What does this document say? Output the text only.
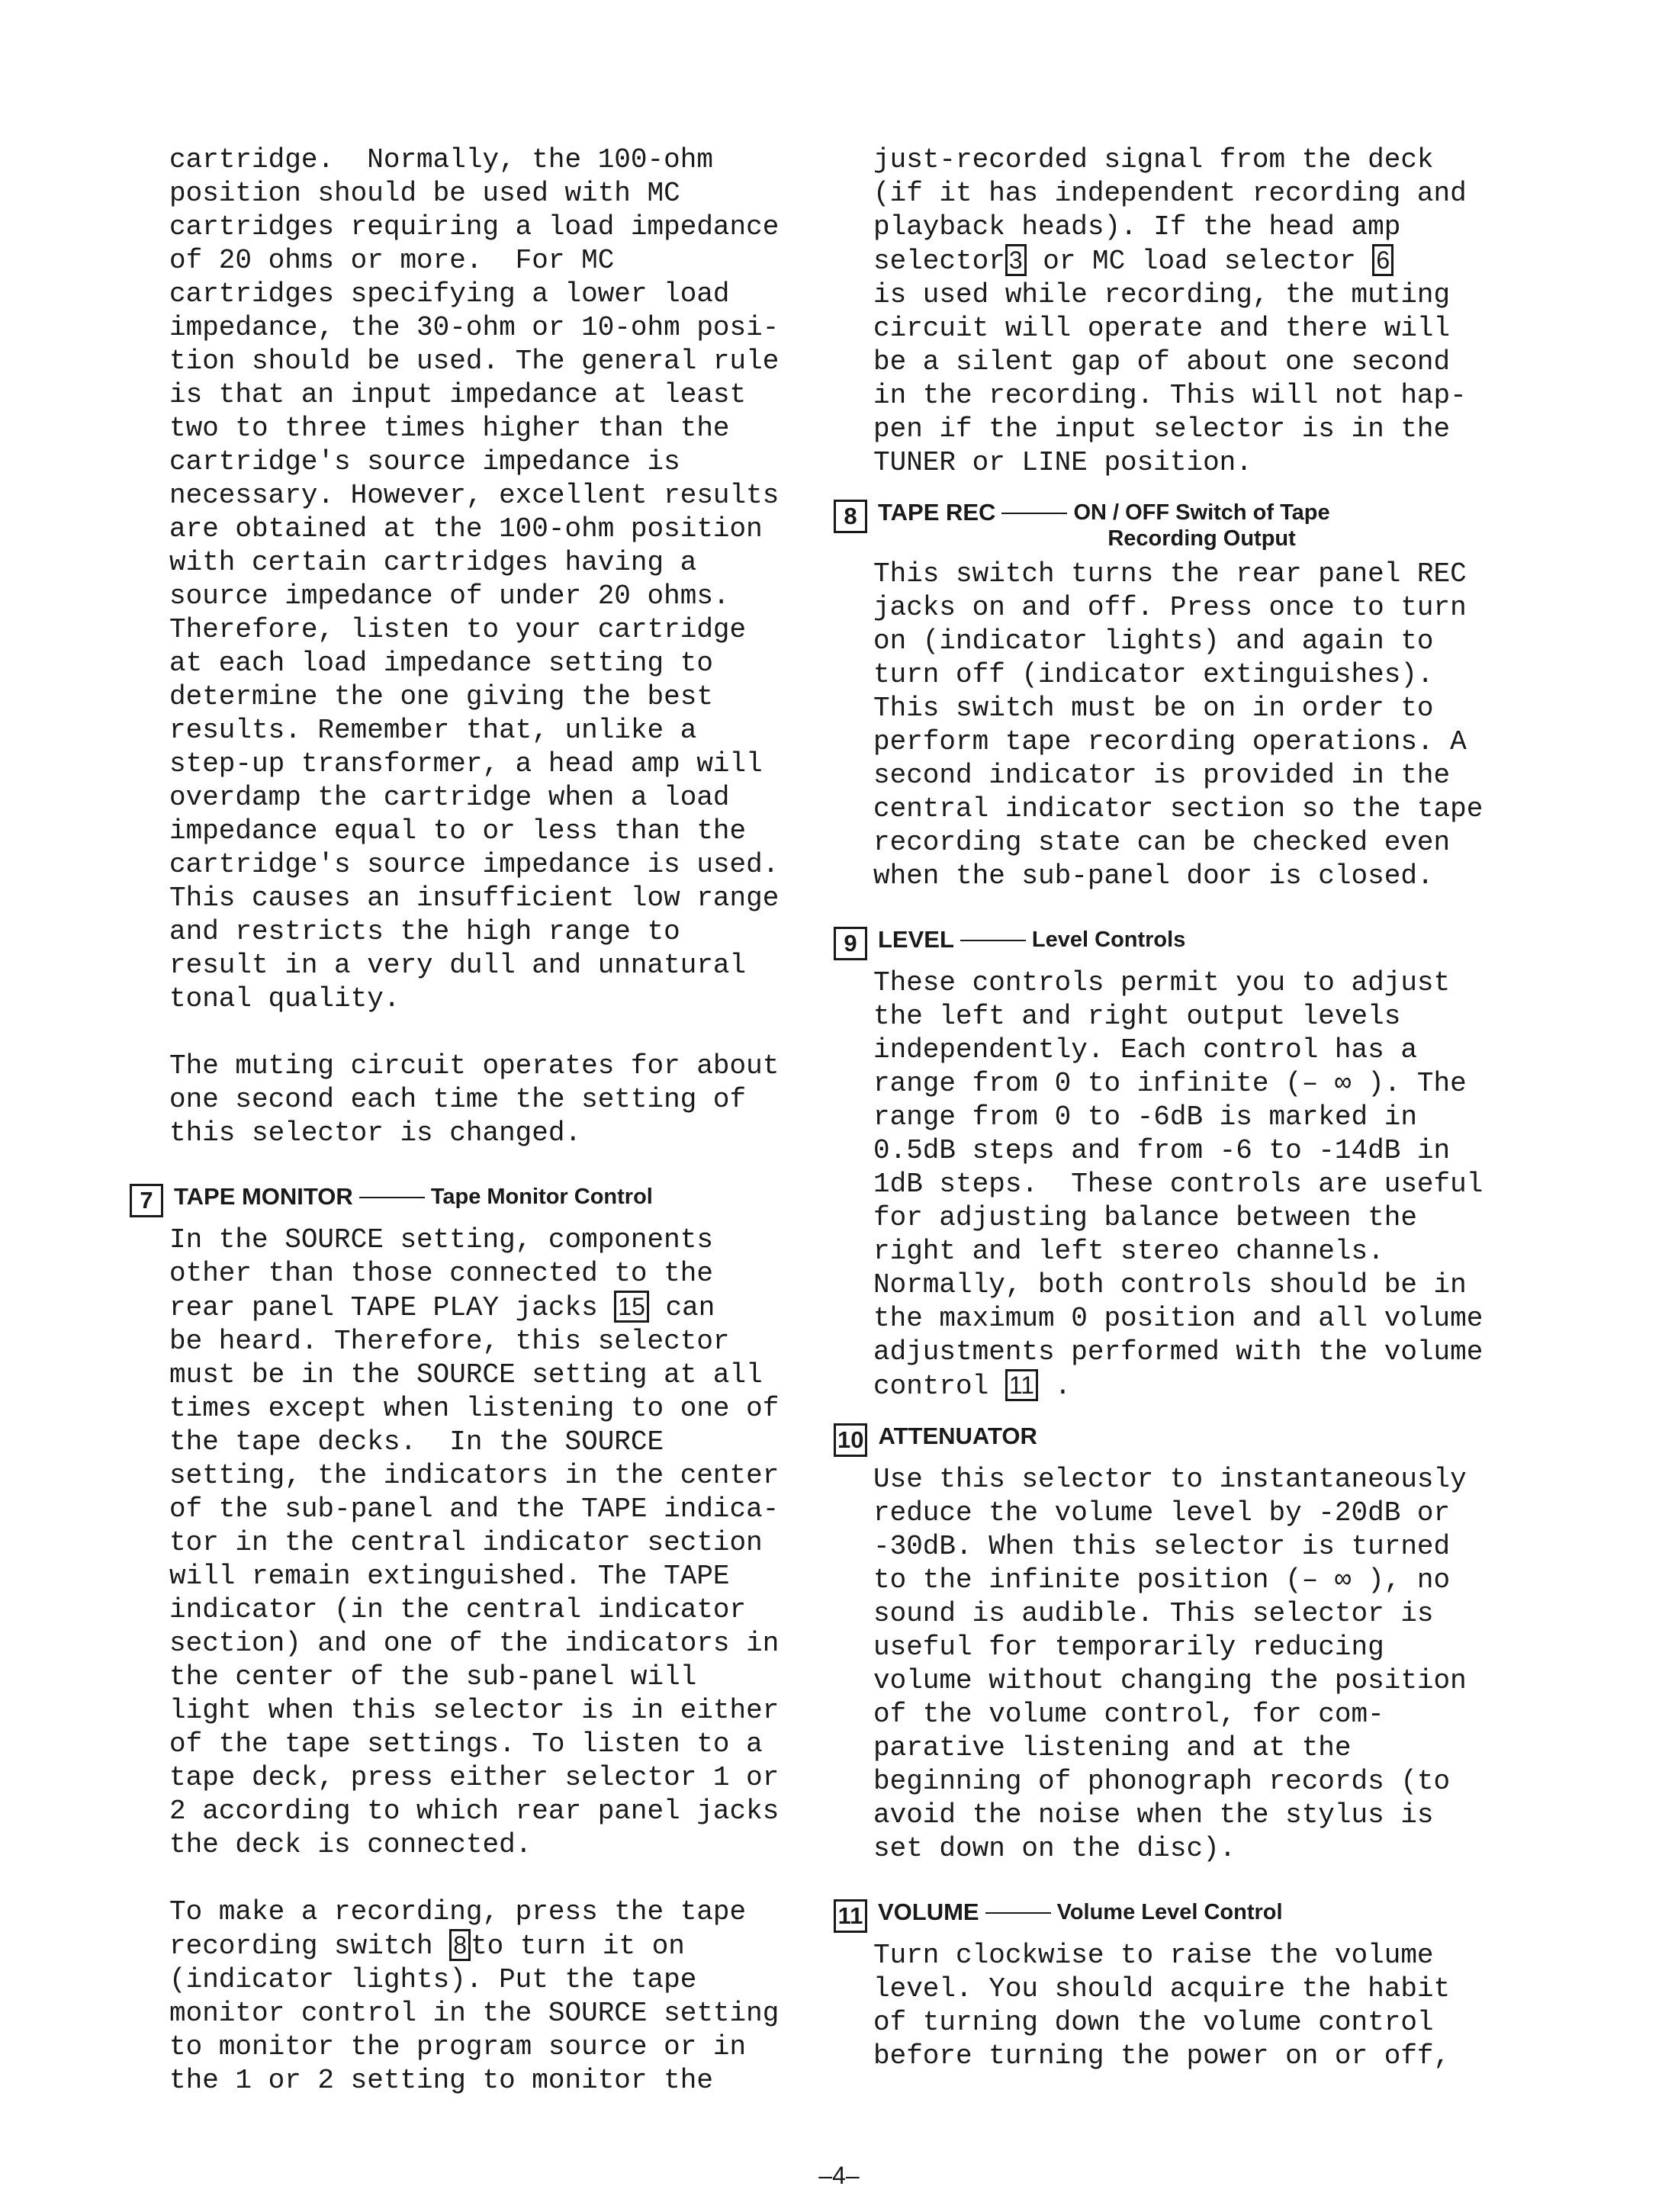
cartridge.  Normally, the 100-ohm
position should be used with MC
cartridges requiring a load impedance
of 20 ohms or more.  For MC
cartridges specifying a lower load
impedance, the 30-ohm or 10-ohm posi-
tion should be used. The general rule
is that an input impedance at least
two to three times higher than the
cartridge's source impedance is
necessary. However, excellent results
are obtained at the 100-ohm position
with certain cartridges having a
source impedance of under 20 ohms.
Therefore, listen to your cartridge
at each load impedance setting to
determine the one giving the best
results. Remember that, unlike a
step-up transformer, a head amp will
overdamp the cartridge when a load
impedance equal to or less than the
cartridge's source impedance is used.
This causes an insufficient low range
and restricts the high range to
result in a very dull and unnatural
tonal quality.

The muting circuit operates for about
one second each time the setting of
this selector is changed.

7 TAPE MONITOR	Tape Monitor Control

In the SOURCE setting, components
other than those connected to the
rear panel TAPE PLAY jacks 15 can
be heard. Therefore, this selector
must be in the SOURCE setting at all
times except when listening to one of
the tape decks.  In the SOURCE
setting, the indicators in the center
of the sub-panel and the TAPE indica-
tor in the central indicator section
will remain extinguished. The TAPE
indicator (in the central indicator
section) and one of the indicators in
the center of the sub-panel will
light when this selector is in either
of the tape settings. To listen to a
tape deck, press either selector 1 or
2 according to which rear panel jacks
the deck is connected.

To make a recording, press the tape
recording switch 8 to turn it on
(indicator lights). Put the tape
monitor control in the SOURCE setting
to monitor the program source or in
the 1 or 2 setting to monitor the

just-recorded signal from the deck
(if it has independent recording and
playback heads). If the head amp
selector 3 or MC load selector 6
is used while recording, the muting
circuit will operate and there will
be a silent gap of about one second
in the recording. This will not hap-
pen if the input selector is in the
TUNER or LINE position.

8 TAPE REC	ON / OFF Switch of Tape
Recording Output

This switch turns the rear panel REC
jacks on and off. Press once to turn
on (indicator lights) and again to
turn off (indicator extinguishes).
This switch must be on in order to
perform tape recording operations. A
second indicator is provided in the
central indicator section so the tape
recording state can be checked even
when the sub-panel door is closed.

9 LEVEL	Level Controls

These controls permit you to adjust
the left and right output levels
independently. Each control has a
range from 0 to infinite (– ∞ ). The
range from 0 to -6dB is marked in
0.5dB steps and from -6 to -14dB in
1dB steps.  These controls are useful
for adjusting balance between the
right and left stereo channels.
Normally, both controls should be in
the maximum 0 position and all volume
adjustments performed with the volume
control 11 .

10 ATTENUATOR

Use this selector to instantaneously
reduce the volume level by -20dB or
-30dB. When this selector is turned
to the infinite position (– ∞ ), no
sound is audible. This selector is
useful for temporarily reducing
volume without changing the position
of the volume control, for com-
parative listening and at the
beginning of phonograph records (to
avoid the noise when the stylus is
set down on the disc).

11 VOLUME	Volume Level Control

Turn clockwise to raise the volume
level. You should acquire the habit
of turning down the volume control
before turning the power on or off,

–4–
